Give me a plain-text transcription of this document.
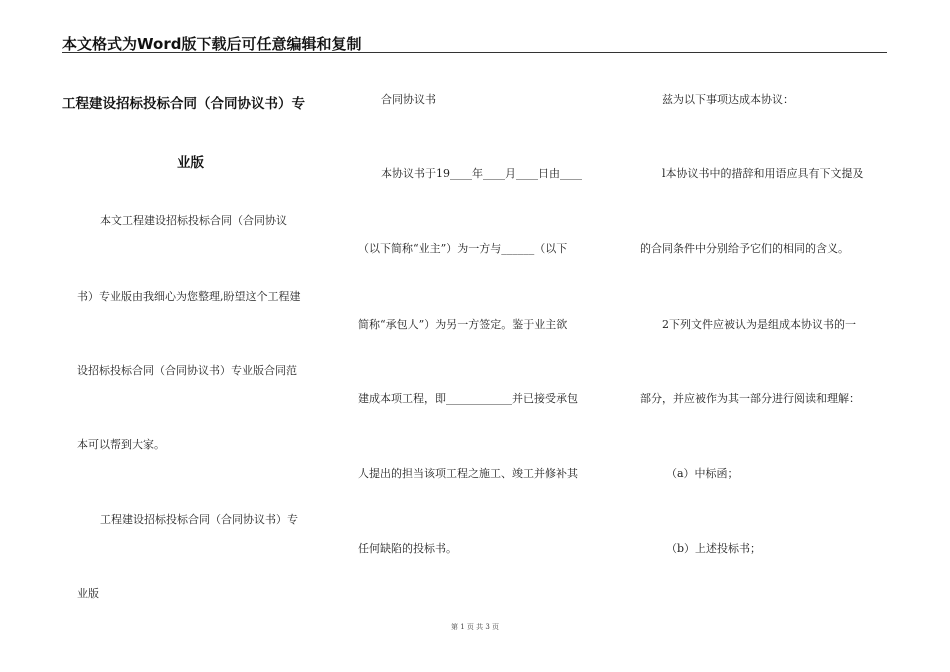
本文格式为Word版下载后可任意编辑和复制
工程建设招标投标合同（合同协议书）专
业版
本文工程建设招标投标合同（合同协议
书）专业版由我细心为您整理,盼望这个工程建
设招标投标合同（合同协议书）专业版合同范
本可以帮到大家。
工程建设招标投标合同（合同协议书）专
业版
合同协议书
本协议书于19____年____月____日由____
（以下简称“业主”）为一方与______（以下
简称“承包人”）为另一方签定。鉴于业主欲
建成本项工程，即____________并已接受承包
人提出的担当该项工程之施工、竣工并修补其
任何缺陷的投标书。
兹为以下事项达成本协议：
l本协议书中的措辞和用语应具有下文提及
的合同条件中分别给予它们的相同的含义。
2下列文件应被认为是组成本协议书的一
部分，并应被作为其一部分进行阅读和理解：
（a）中标函；
（b）上述投标书；
第 1 页 共 3 页
